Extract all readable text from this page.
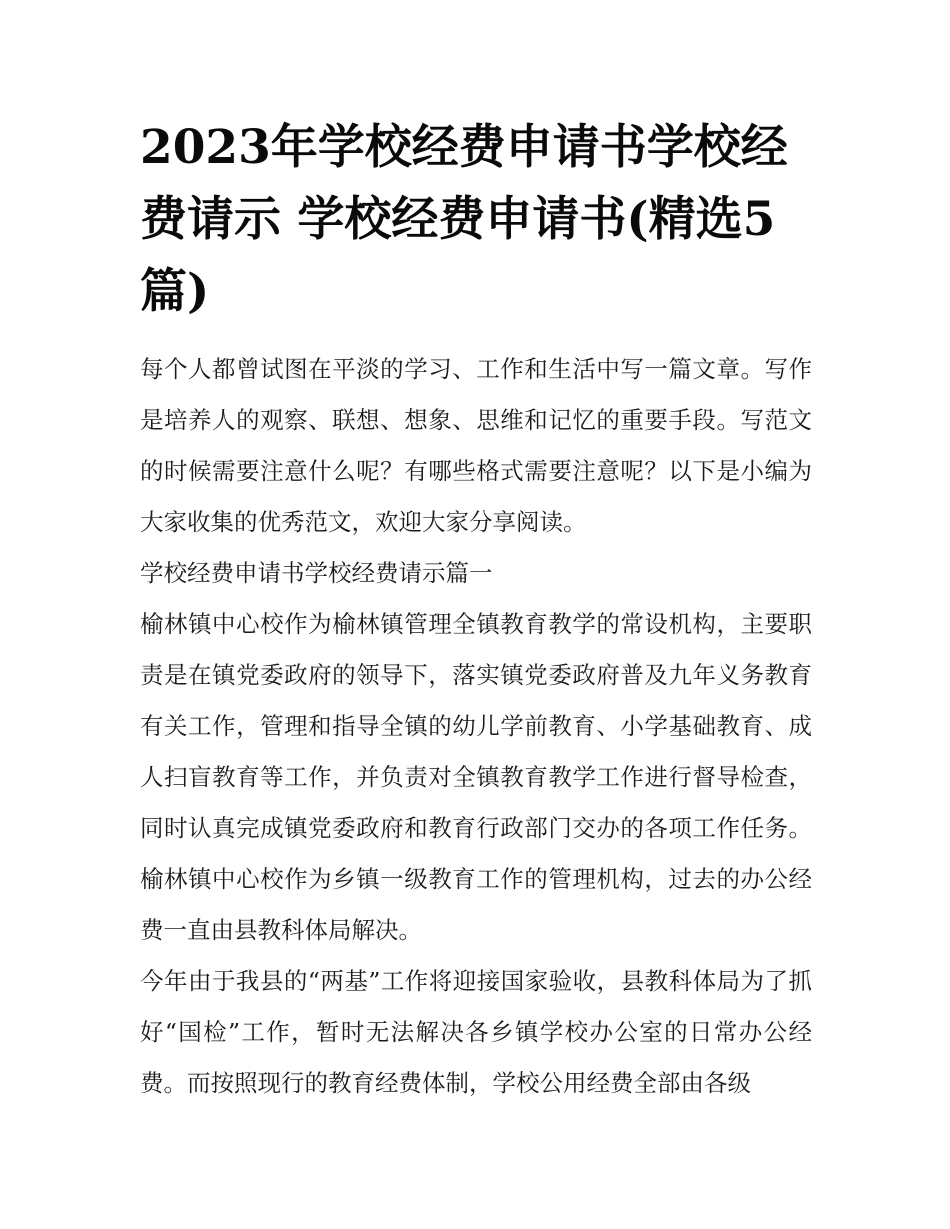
2023年学校经费申请书学校经费请示 学校经费申请书(精选5篇)

每个人都曾试图在平淡的学习、工作和生活中写一篇文章。写作是培养人的观察、联想、想象、思维和记忆的重要手段。写范文的时候需要注意什么呢？有哪些格式需要注意呢？以下是小编为大家收集的优秀范文，欢迎大家分享阅读。

学校经费申请书学校经费请示篇一

榆林镇中心校作为榆林镇管理全镇教育教学的常设机构，主要职责是在镇党委政府的领导下，落实镇党委政府普及九年义务教育有关工作，管理和指导全镇的幼儿学前教育、小学基础教育、成人扫盲教育等工作，并负责对全镇教育教学工作进行督导检查，同时认真完成镇党委政府和教育行政部门交办的各项工作任务。榆林镇中心校作为乡镇一级教育工作的管理机构，过去的办公经费一直由县教科体局解决。

今年由于我县的“两基”工作将迎接国家验收，县教科体局为了抓好“国检”工作，暂时无法解决各乡镇学校办公室的日常办公经费。而按照现行的教育经费体制，学校公用经费全部由各级
